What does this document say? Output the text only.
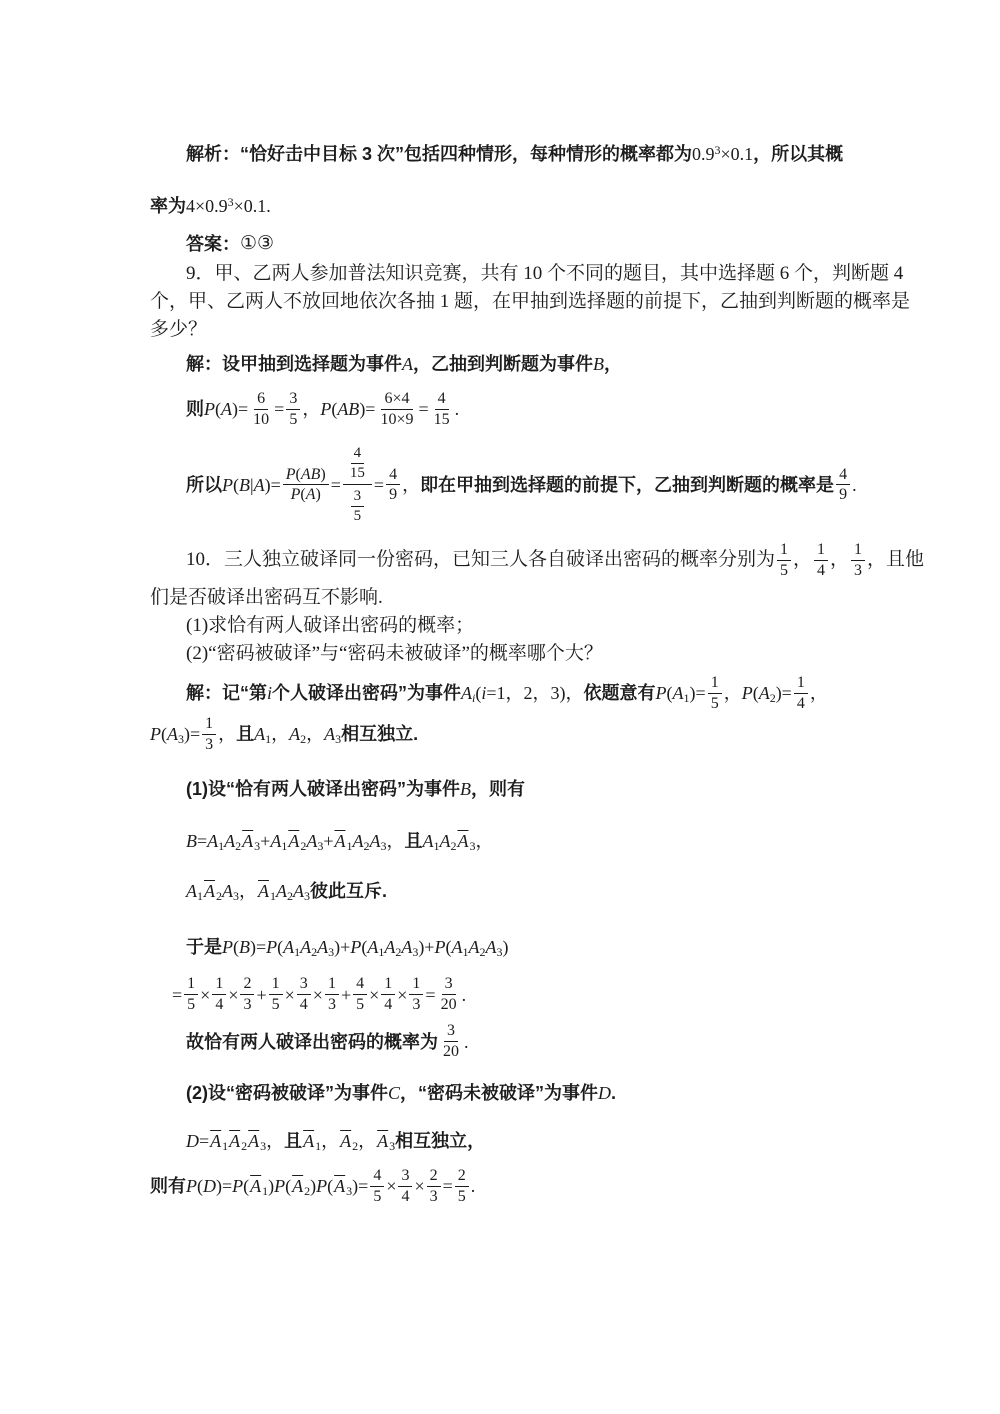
解析： “恰好击中目标 3 次”包括四种情形，每种情形的概率都为 0.9 3 ×0.1 ，所以其概
率为 4×0.9 3 ×0.1.
答案： ①③
9．甲、乙两人参加普法知识竞赛，共有 10 个不同的题目，其中选择题 6 个，判断题 4
个，甲、乙两人不放回地依次各抽 1 题，在甲抽到选择题的前提下，乙抽到判断题的概率是
多少？
解： 设甲抽到选择题为事件 A ，乙抽到判断题为事件 B ，
则 P ( A )= $\frac{6}{10} = \frac{3}{5}$ ， P ( AB )= $\frac{6\times 4}{10\times 9} = \frac{4}{15}$ .
所以 P ( B | A )= $\frac{P ( AB )}{P ( A )} = \frac{\frac{4}{15}}{\frac{3}{5}} = \frac{4}{9}$ ， 即在甲抽到选择题的前提下，乙抽到判断题的概率是 $\frac{4}{9}$ .
10．三人独立破译同一份密码，已知三人各自破译出密码的概率分别为 $\frac{1}{5}$ ， $\frac{1}{4}$ ， $\frac{1}{3}$ ，且他
们是否破译出密码互不影响.
(1)求恰有两人破译出密码的概率；
(2)“密码被破译”与“密码未被破译”的概率哪个大？
解： 记“第 i 个人破译出密码”为事件 A i ( i =1，2，3)， 依题意有 P ( A 1 )= $\frac{1}{5}$ ， P ( A 2 )= $\frac{1}{4}$ ，
P ( A 3 )= $\frac{1}{3}$ ， 且 A 1 ， A 2 ， A 3 相互独立.
(1)设“恰有两人破译出密码”为事件 B ，则有
B = A 1 A 2 $\overline{A}$ 3 + A 1 $\overline{A}$ 2 A $3 + \overline{A}$ 1 A 2 A 3 ， 且 A 1 A 2 $\overline{A}$ 3 ，
A 1 $\overline{A}$ 2 A 3 ， $\overline{A}$ 1 A 2 A 3 彼此互斥.
于是 P ( B )= P ( A 1 A 2 A 3 )+ P ( A 1 A 2 A 3 )+ P ( A 1 A 2 A 3 )
= $\frac{1}{5} \times \frac{1}{4} \times \frac{2}{3} + \frac{1}{5} \times \frac{3}{4} \times \frac{1}{3} + \frac{4}{5} \times \frac{1}{4} \times \frac{1}{3} = \frac{3}{20}$ .
故恰有两人破译出密码的概率为 $\frac{3}{20}$ .
(2)设“密码被破译”为事件 C ，“密码未被破译”为事件 D .
$D = \overline{A}$ 1 $\overline{A}$ 2 $\overline{A}$ 3 ， 且 $\overline{A}$ 1 ， $\overline{A}$ 2 ， $\overline{A}$ 3 相互独立 ，
则有 P ( D )= P ( $\overline{A}$ 1 ) P ( $\overline{A}$ 2 ) P ( $\overline{A}$ 3 )= $\frac{4}{5} \times \frac{3}{4} \times \frac{2}{3} = \frac{2}{5}$ .
